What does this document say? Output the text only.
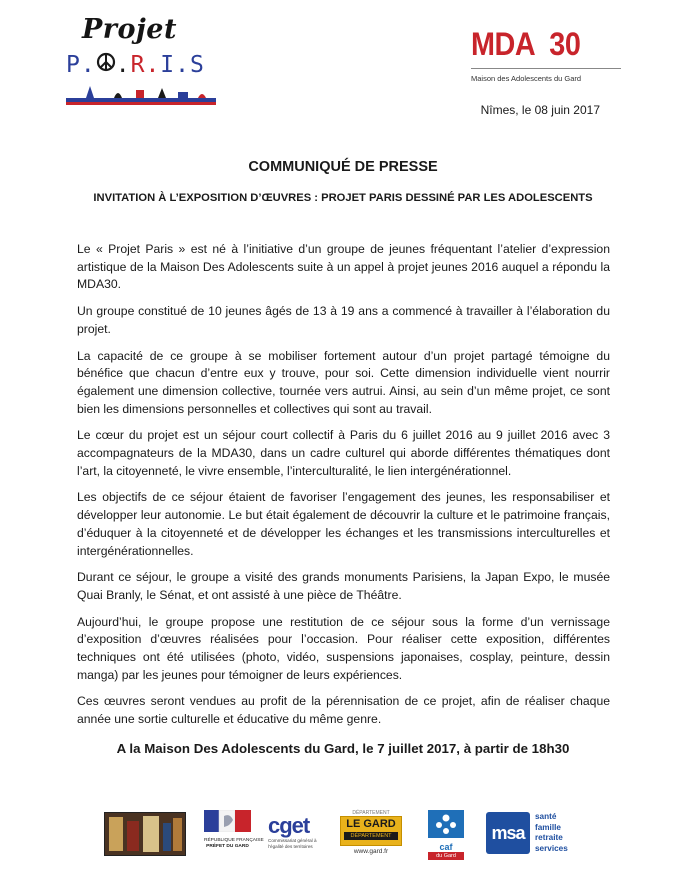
Projet
P. .R.I.S
MDA  30
Maison des Adolescents du Gard
Nîmes, le 08 juin 2017
COMMUNIQUÉ DE PRESSE
INVITATION À L’EXPOSITION D’ŒUVRES : PROJET PARIS DESSINÉ PAR LES ADOLESCENTS

Le « Projet Paris » est né à l’initiative d’un groupe de jeunes fréquentant l’atelier d’expression artistique de la Maison Des Adolescents suite à un appel à projet jeunes 2016 auquel a répondu la MDA30.

Un groupe constitué de 10 jeunes âgés de 13 à 19 ans a commencé à travailler à l’élaboration du projet.

La capacité de ce groupe à se mobiliser fortement autour d’un projet partagé témoigne du bénéfice que chacun d’entre eux y trouve, pour soi. Cette dimension individuelle vient nourrir également une dimension collective, tournée vers autrui. Ainsi, au sein d’un même projet, ce sont bien les dimensions personnelles et collectives qui sont au travail.

Le cœur du projet est un séjour court collectif à Paris du 6 juillet 2016 au 9 juillet 2016 avec 3 accompagnateurs de la MDA30, dans un cadre culturel qui aborde différentes thématiques dont l’art, la citoyenneté, le vivre ensemble, l’interculturalité, le lien intergénérationnel.

Les objectifs de ce séjour étaient de favoriser l’engagement des jeunes, les responsabiliser et développer leur autonomie. Le but était également de découvrir la culture et le patrimoine français, d’éduquer à la citoyenneté et de développer les échanges et les transmissions interculturelles et intergénérationnelles.

Durant ce séjour, le groupe a visité des grands monuments Parisiens, la Japan Expo, le musée Quai Branly, le Sénat, et ont assisté à une pièce de Théâtre.

Aujourd’hui, le groupe propose une restitution de ce séjour sous la forme d’un vernissage d’exposition d’œuvres réalisées pour l’occasion. Pour réaliser cette exposition, différentes techniques ont été utilisées (photo, vidéo, suspensions japonaises, cosplay, peinture, dessin manga) par les jeunes pour témoigner de leurs expériences.

Ces œuvres seront vendues au profit de la pérennisation de ce projet, afin de réaliser chaque année une sortie culturelle et éducative du même genre.

A la Maison Des Adolescents du Gard, le 7 juillet 2017, à partir de 18h30
RÉPUBLIQUE FRANÇAISE
PRÉFET DU GARD
cget
Commissariat général à l’égalité des territoires
DÉPARTEMENT
LE GARD
DÉPARTEMENT
www.gard.fr	caf
du Gard
msa
santé
famille
retraite
services
